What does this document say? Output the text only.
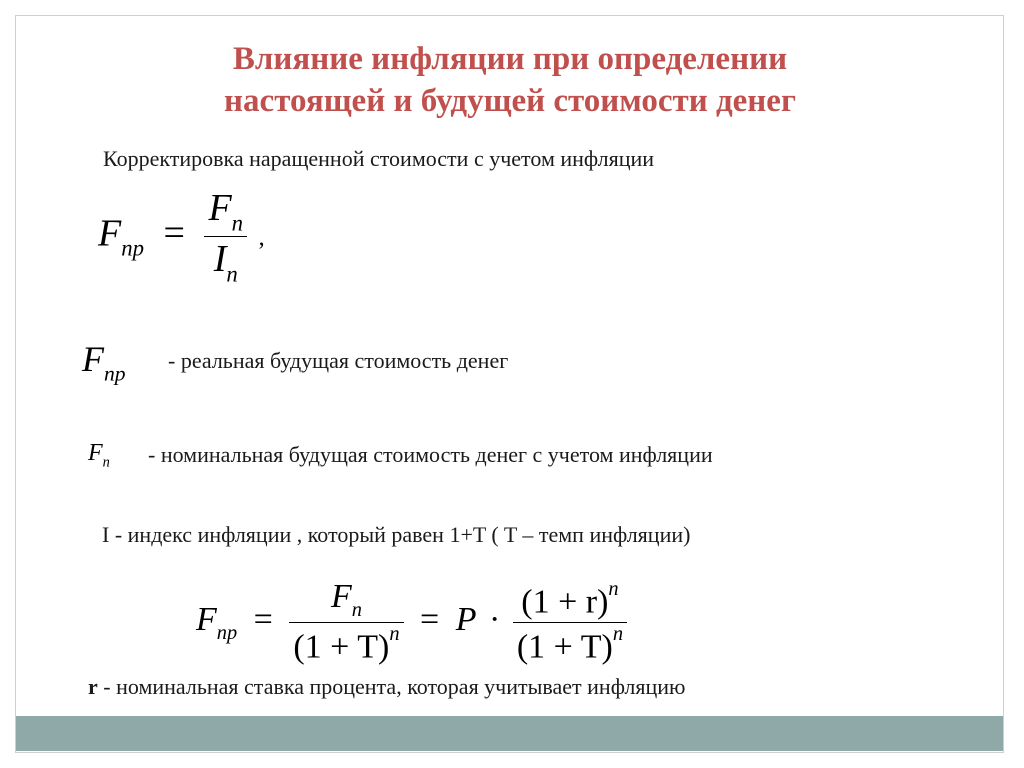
Влияние инфляции при определении
настоящей и будущей стоимости денег
Корректировка наращенной стоимости с учетом инфляции
$F_{np} = \frac{F_n}{I_n}$ ,
$F_{np}$
- реальная будущая стоимость денег
$F_n$ - номинальная будущая стоимость денег с учетом инфляции
I - индекс инфляции , который равен 1+T ( T – темп инфляции)
$F_{np} = \frac{F_n}{(1 + T)^n} = P \cdot \frac{(1 + r)^n}{(1 + T)^n}$
r - номинальная ставка процента, которая учитывает инфляцию
